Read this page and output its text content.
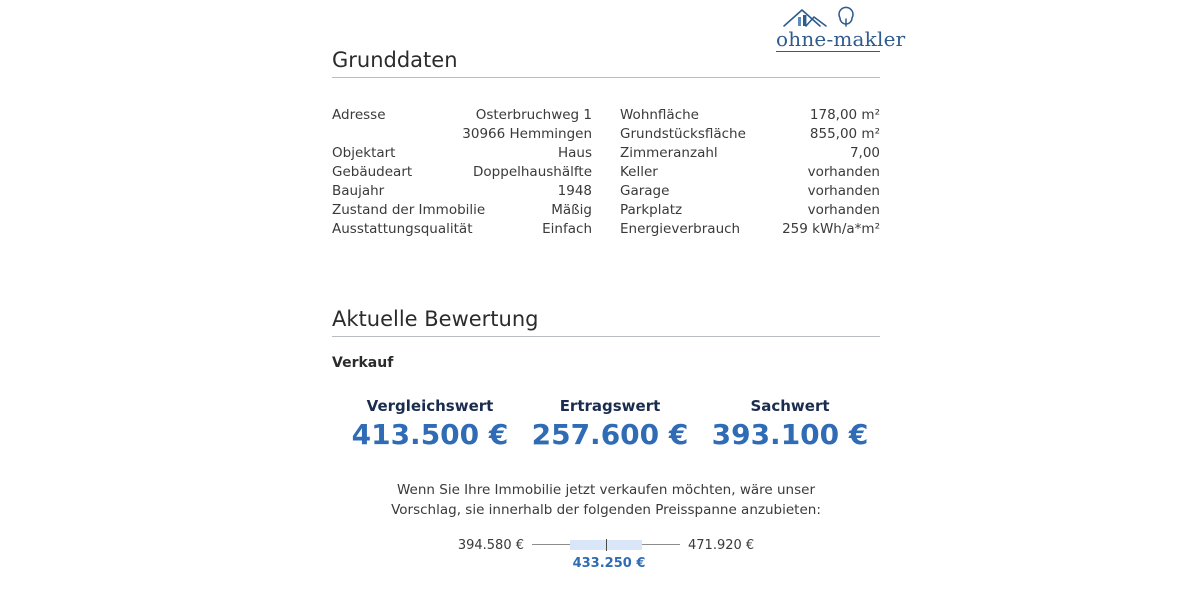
ohne-makler
Grunddaten
Adresse	Osterbruchweg 1
30966 Hemmingen
Objektart	Haus
Gebäudeart	Doppelhaushälfte
Baujahr	1948
Zustand der Immobilie	Mäßig
Ausstattungsqualität	Einfach
Wohnfläche	178,00 m²
Grundstücksfläche	855,00 m²
Zimmeranzahl	7,00
Keller	vorhanden
Garage	vorhanden
Parkplatz	vorhanden
Energieverbrauch	259 kWh/a*m²
Aktuelle Bewertung
Verkauf
Vergleichswert
413.500 €
Ertragswert
257.600 €
Sachwert
393.100 €
Wenn Sie Ihre Immobilie jetzt verkaufen möchten, wäre unser Vorschlag, sie innerhalb der folgenden Preisspanne anzubieten:
394.580 €	471.920 €
433.250 €
